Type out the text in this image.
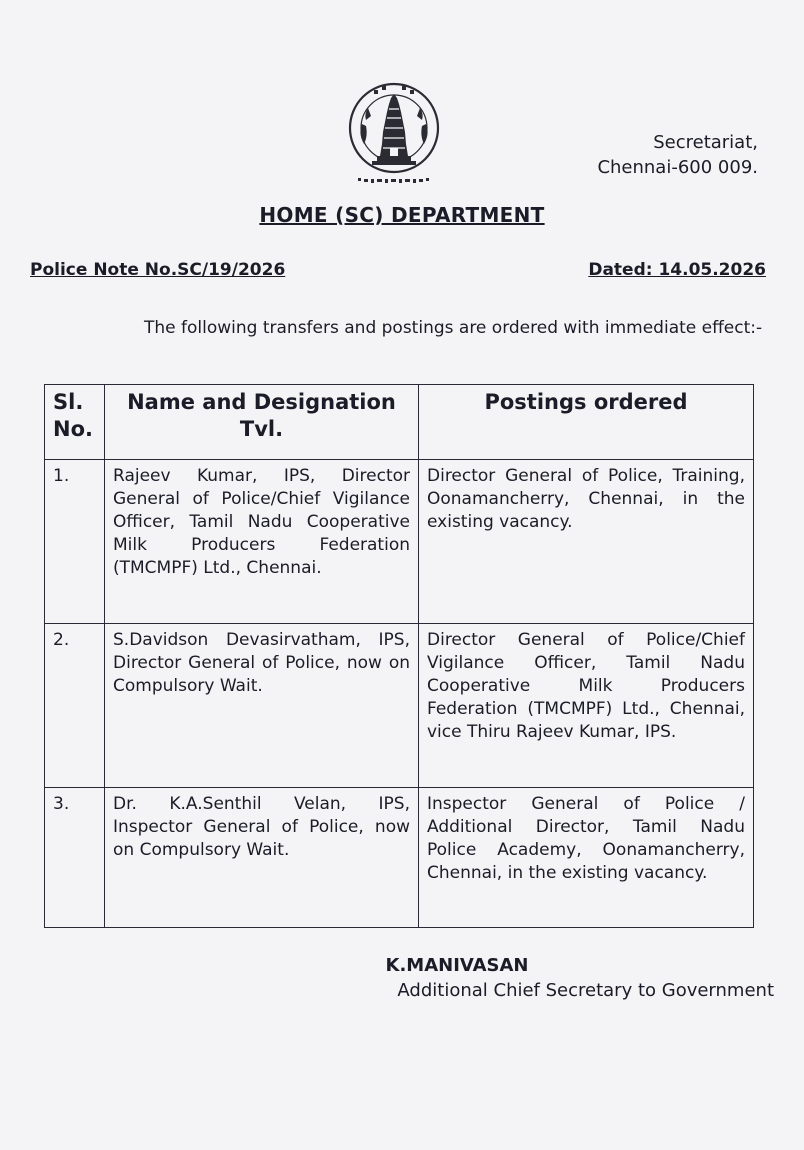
Secretariat,
Chennai-600 009.
HOME (SC) DEPARTMENT
Police Note No.SC/19/2026	Dated: 14.05.2026
The following transfers and postings are ordered with immediate effect:-
Sl. No.	Name and Designation Tvl.	Postings ordered
1.	Rajeev Kumar, IPS, Director General of Police/Chief Vigilance Officer, Tamil Nadu Cooperative Milk Producers Federation (TMCMPF) Ltd., Chennai.	Director General of Police, Training, Oonamancherry, Chennai, in the existing vacancy.
2.	S.Davidson Devasirvatham, IPS, Director General of Police, now on Compulsory Wait.	Director General of Police/Chief Vigilance Officer, Tamil Nadu Cooperative Milk Producers Federation (TMCMPF) Ltd., Chennai, vice Thiru Rajeev Kumar, IPS.
3.	Dr. K.A.Senthil Velan, IPS, Inspector General of Police, now on Compulsory Wait.	Inspector General of Police / Additional Director, Tamil Nadu Police Academy, Oonamancherry, Chennai, in the existing vacancy.
K.MANIVASAN
Additional Chief Secretary to Government
